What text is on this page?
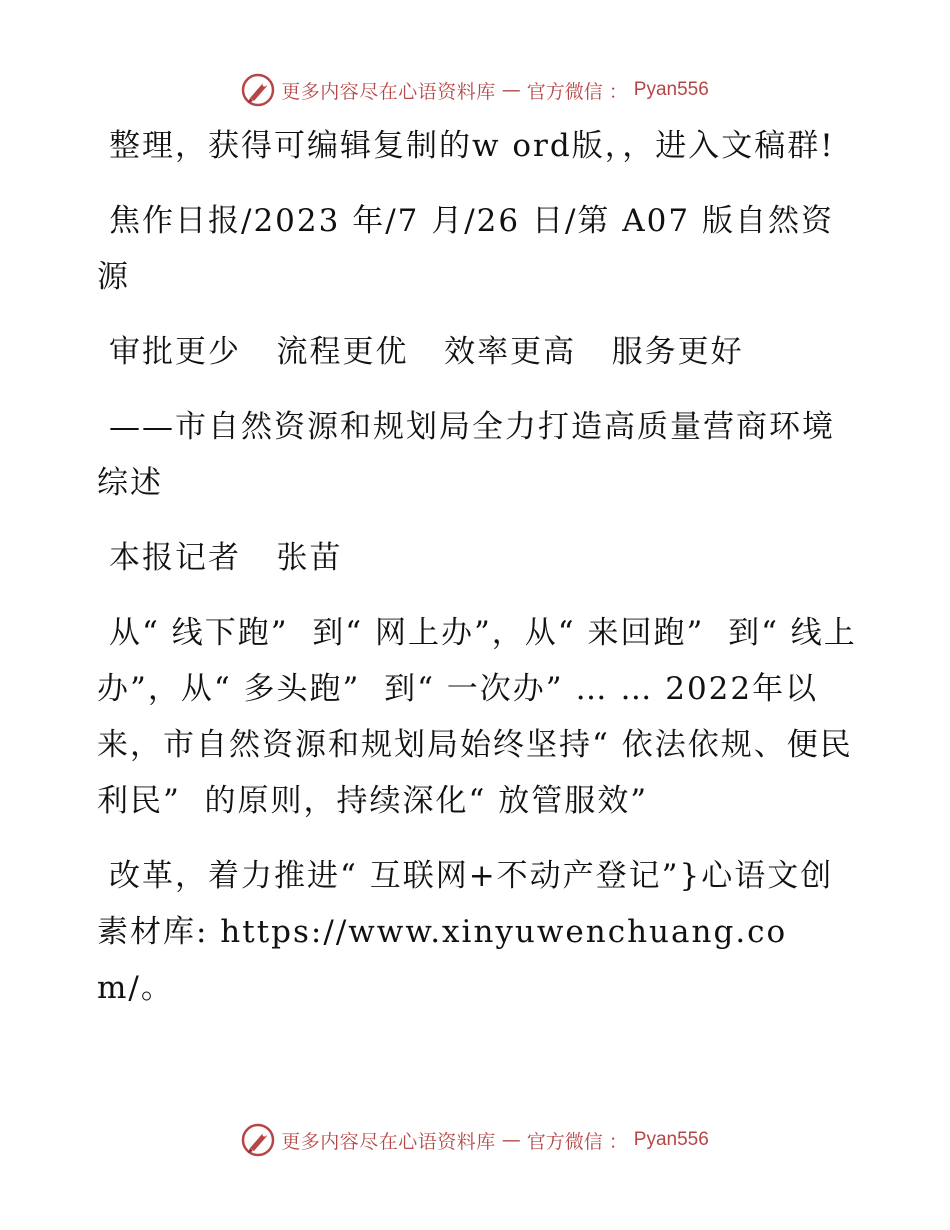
更多内容尽在心语资料库 — 官方微信 ： Pyan556

整理，获得可编辑复制的w ord版，，进入文稿群!

焦作日报/2023 年/7 月/26 日/第 A07 版自然资源

审批更少   流程更优   效率更高   服务更好

——市自然资源和规划局全力打造高质量营商环境综述

本报记者   张苗

从“ 线下跑”  到“ 网上办”，从“ 来回跑”  到“ 线上办”，从“ 多头跑”  到“ 一次办” … … 2022年以来，市自然资源和规划局始终坚持“ 依法依规、便民利民”  的原则，持续深化“ 放管服效”

改革，着力推进“ 互联网+不动产登记”}心语文创素材库: https://www.xinyuwenchuang.com/。

更多内容尽在心语资料库 — 官方微信 ： Pyan556
